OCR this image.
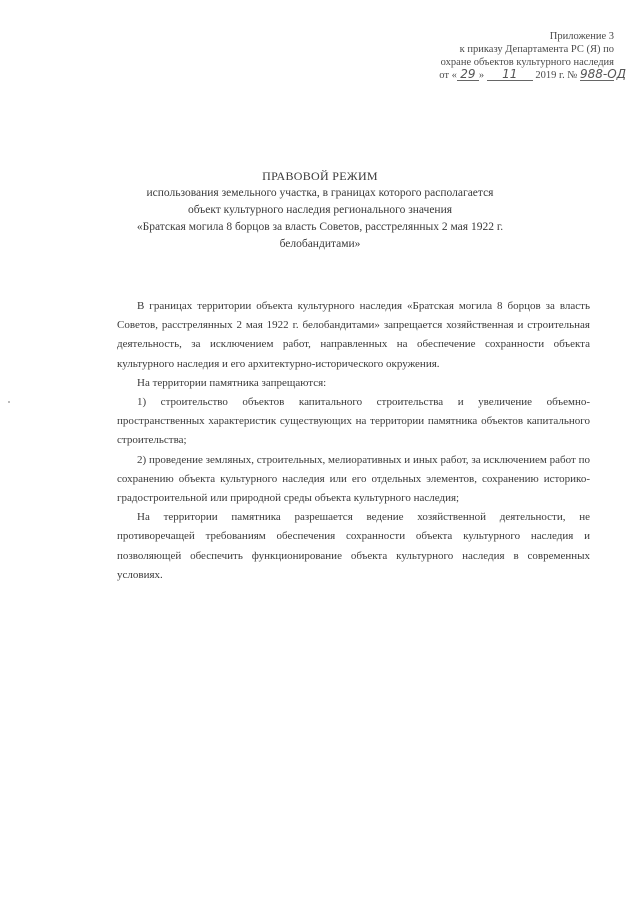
Приложение 3
к приказу Департамента РС (Я) по
охране объектов культурного наследия
от « 29 » 11 2019 г. № 988-ОД
ПРАВОВОЙ РЕЖИМ
использования земельного участка, в границах которого располагается
объект культурного наследия регионального значения
«Братская могила 8 борцов за власть Советов, расстрелянных 2 мая 1922 г.
белобандитами»

В границах территории объекта культурного наследия «Братская могила 8 борцов за власть Советов, расстрелянных 2 мая 1922 г. белобандитами» запрещается хозяйственная и строительная деятельность, за исключением работ, направленных на обеспечение сохранности объекта культурного наследия и его архитектурно-исторического окружения.

На территории памятника запрещаются:

1) строительство объектов капитального строительства и увеличение объемно-пространственных характеристик существующих на территории памятника объектов капитального строительства;

2) проведение земляных, строительных, мелиоративных и иных работ, за исключением работ по сохранению объекта культурного наследия или его отдельных элементов, сохранению историко-градостроительной или природной среды объекта культурного наследия;

На территории памятника разрешается ведение хозяйственной деятельности, не противоречащей требованиям обеспечения сохранности объекта культурного наследия и позволяющей обеспечить функционирование объекта культурного наследия в современных условиях.
